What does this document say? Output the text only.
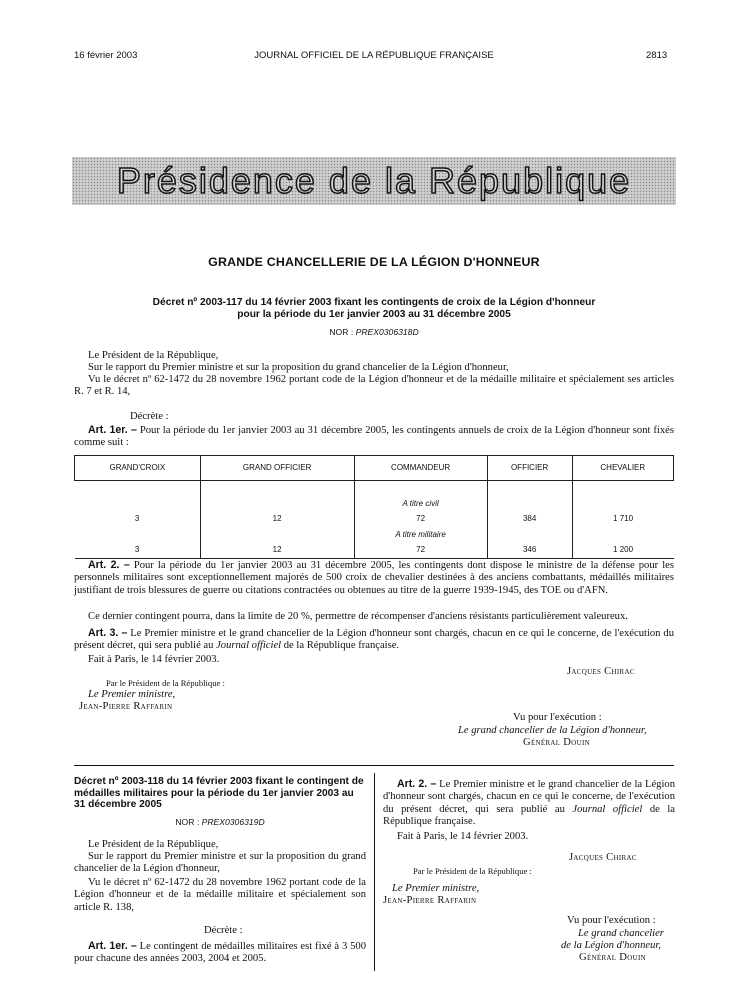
16 février 2003	JOURNAL OFFICIEL DE LA RÉPUBLIQUE FRANÇAISE	2813
Présidence de la République
GRANDE CHANCELLERIE DE LA LÉGION D'HONNEUR
Décret nº 2003-117 du 14 février 2003 fixant les contingents de croix de la Légion d'honneur
pour la période du 1er janvier 2003 au 31 décembre 2005
NOR : PREX0306318D
Le Président de la République,
Sur le rapport du Premier ministre et sur la proposition du grand chancelier de la Légion d'honneur,
Vu le décret nº 62-1472 du 28 novembre 1962 portant code de la Légion d'honneur et de la médaille militaire et spécialement ses articles R. 7 et R. 14,
Décrète :
Art. 1er. – Pour la période du 1er janvier 2003 au 31 décembre 2005, les contingents annuels de croix de la Légion d'honneur sont fixés comme suit :
GRAND'CROIX	GRAND OFFICIER	COMMANDEUR	OFFICIER	CHEVALIER

		A titre civil		
3	12	72	384	1 710
		A titre militaire		
3	12	72	346	1 200
Art. 2. – Pour la période du 1er janvier 2003 au 31 décembre 2005, les contingents dont dispose le ministre de la défense pour les personnels militaires sont exceptionnellement majorés de 500 croix de chevalier destinées à des anciens combattants, médaillés militaires justifiant de trois blessures de guerre ou citations contractées ou obtenues au titre de la guerre 1939-1945, des TOE ou d'AFN.
Ce dernier contingent pourra, dans la limite de 20 %, permettre de récompenser d'anciens résistants particulièrement valeureux.
Art. 3. – Le Premier ministre et le grand chancelier de la Légion d'honneur sont chargés, chacun en ce qui le concerne, de l'exécution du présent décret, qui sera publié au Journal officiel de la République française.
Fait à Paris, le 14 février 2003.
Jacques Chirac
Par le Président de la République :
Le Premier ministre,
Jean-Pierre Raffarin
Vu pour l'exécution :
Le grand chancelier de la Légion d'honneur,
Général Douin
Décret nº 2003-118 du 14 février 2003 fixant le contingent de médailles militaires pour la période du 1er janvier 2003 au 31 décembre 2005
NOR : PREX0306319D
Le Président de la République,
Sur le rapport du Premier ministre et sur la proposition du grand chancelier de la Légion d'honneur,
Vu le décret nº 62-1472 du 28 novembre 1962 portant code de la Légion d'honneur et de la médaille militaire et spécialement son article R. 138,
Décrète :
Art. 1er. – Le contingent de médailles militaires est fixé à 3 500 pour chacune des années 2003, 2004 et 2005.
Art. 2. – Le Premier ministre et le grand chancelier de la Légion d'honneur sont chargés, chacun en ce qui le concerne, de l'exécution du présent décret, qui sera publié au Journal officiel de la République française.
Fait à Paris, le 14 février 2003.
Jacques Chirac
Par le Président de la République :
Le Premier ministre,
Jean-Pierre Raffarin
Vu pour l'exécution :
Le grand chancelier
de la Légion d'honneur,
Général Douin
